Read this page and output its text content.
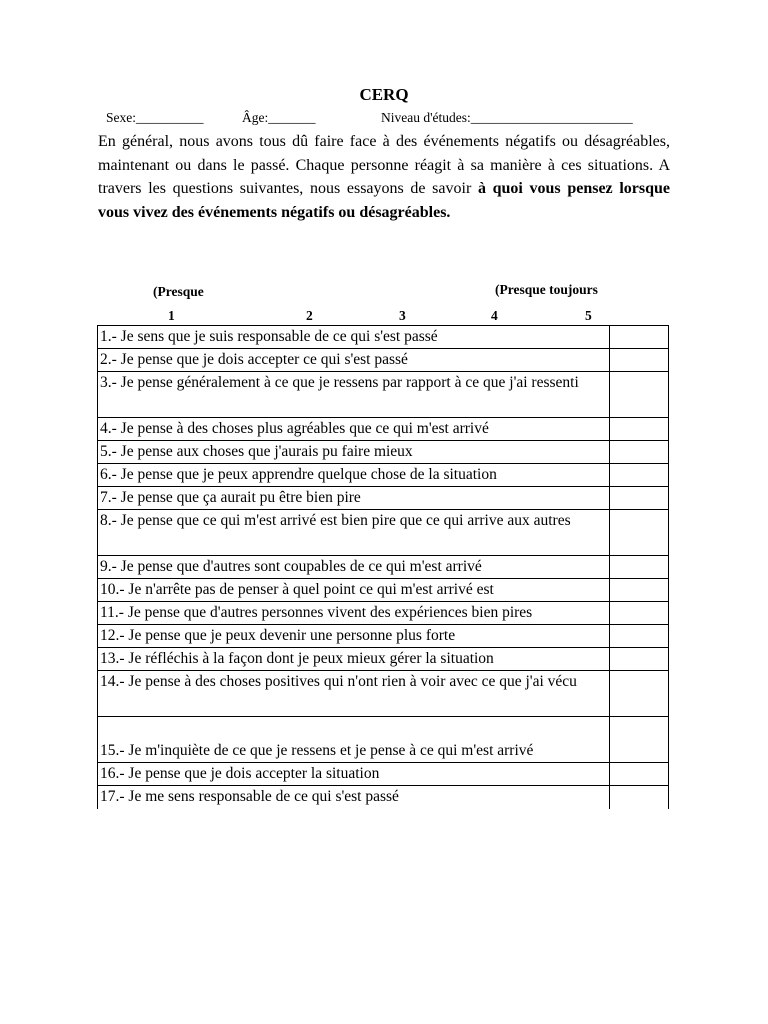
CERQ
Sexe:__________	Âge:_______	Niveau d'études:________________________
En général, nous avons tous dû faire face à des événements négatifs ou désagréables, maintenant ou dans le passé. Chaque personne réagit à sa manière à ces situations. A travers les questions suivantes, nous essayons de savoir à quoi vous pensez lorsque vous vivez des événements négatifs ou désagréables.
(Presque	(Presque toujours
1	2	3	4	5
1.- Je sens que je suis responsable de ce qui s'est passé	
2.- Je pense que je dois accepter ce qui s'est passé	
3.- Je pense généralement à ce que je ressens par rapport à ce que j'ai ressenti	
4.- Je pense à des choses plus agréables que ce qui m'est arrivé	
5.- Je pense aux choses que j'aurais pu faire mieux	
6.- Je pense que je peux apprendre quelque chose de la situation	
7.- Je pense que ça aurait pu être bien pire	
8.- Je pense que ce qui m'est arrivé est bien pire que ce qui arrive aux autres	
9.- Je pense que d'autres sont coupables de ce qui m'est arrivé	
10.- Je n'arrête pas de penser à quel point ce qui m'est arrivé est	
11.- Je pense que d'autres personnes vivent des expériences bien pires	
12.- Je pense que je peux devenir une personne plus forte	
13.- Je réfléchis à la façon dont je peux mieux gérer la situation	
14.- Je pense à des choses positives qui n'ont rien à voir avec ce que j'ai vécu	
15.- Je m'inquiète de ce que je ressens et je pense à ce qui m'est arrivé	
16.- Je pense que je dois accepter la situation	
17.- Je me sens responsable de ce qui s'est passé	
